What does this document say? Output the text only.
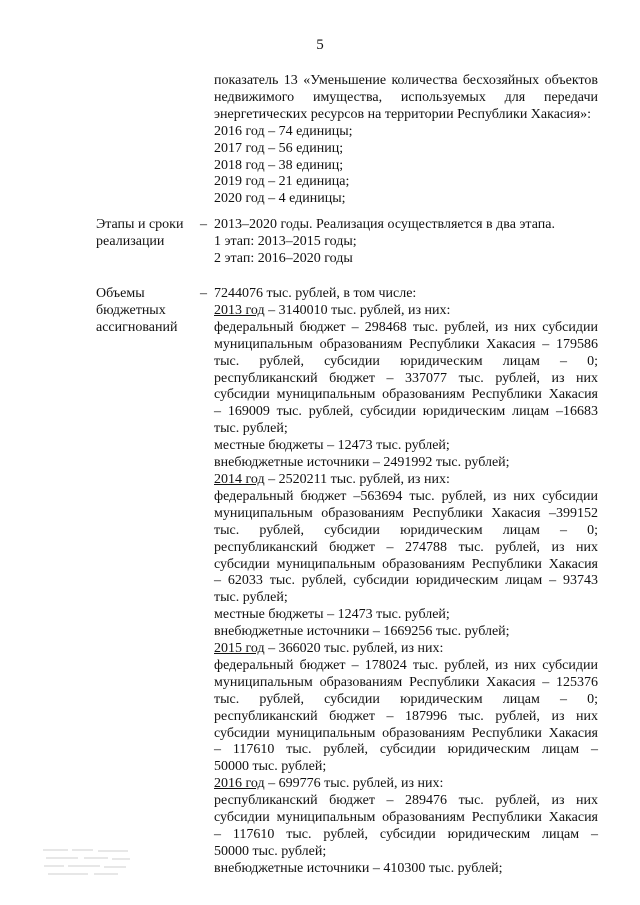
5
показатель 13 «Уменьшение количества бесхозяйных объектов
недвижимого имущества, используемых для передачи
энергетических ресурсов на территории Республики Хакасия»:
2016 год – 74 единицы;
2017 год – 56 единиц;
2018 год – 38 единиц;
2019 год – 21 единица;
2020 год – 4 единицы;
Этапы и сроки
реализации
– 2013–2020 годы. Реализация осуществляется в два этапа.
1 этап: 2013–2015 годы;
2 этап: 2016–2020 годы
Объемы
бюджетных
ассигнований
– 7244076 тыс. рублей, в том числе:
2013 год – 3140010 тыс. рублей, из них:
федеральный бюджет – 298468 тыс. рублей, из них субсидии
муниципальным образованиям Республики Хакасия – 179586
тыс. рублей, субсидии юридическим лицам – 0;
республиканский бюджет – 337077 тыс. рублей, из них
субсидии муниципальным образованиям Республики Хакасия
– 169009 тыс. рублей, субсидии юридическим лицам –16683
тыс. рублей;
местные бюджеты – 12473 тыс. рублей;
внебюджетные источники – 2491992 тыс. рублей;
2014 год – 2520211 тыс. рублей, из них:
федеральный бюджет –563694 тыс. рублей, из них субсидии
муниципальным образованиям Республики Хакасия –399152
тыс. рублей, субсидии юридическим лицам – 0;
республиканский бюджет – 274788 тыс. рублей, из них
субсидии муниципальным образованиям Республики Хакасия
– 62033 тыс. рублей, субсидии юридическим лицам – 93743
тыс. рублей;
местные бюджеты – 12473 тыс. рублей;
внебюджетные источники – 1669256 тыс. рублей;
2015 год – 366020 тыс. рублей, из них:
федеральный бюджет – 178024 тыс. рублей, из них субсидии
муниципальным образованиям Республики Хакасия – 125376
тыс. рублей, субсидии юридическим лицам – 0;
республиканский бюджет – 187996 тыс. рублей, из них
субсидии муниципальным образованиям Республики Хакасия
– 117610 тыс. рублей, субсидии юридическим лицам –
50000 тыс. рублей;
2016 год – 699776 тыс. рублей, из них:
республиканский бюджет – 289476 тыс. рублей, из них
субсидии муниципальным образованиям Республики Хакасия
– 117610 тыс. рублей, субсидии юридическим лицам –
50000 тыс. рублей;
внебюджетные источники – 410300 тыс. рублей;
